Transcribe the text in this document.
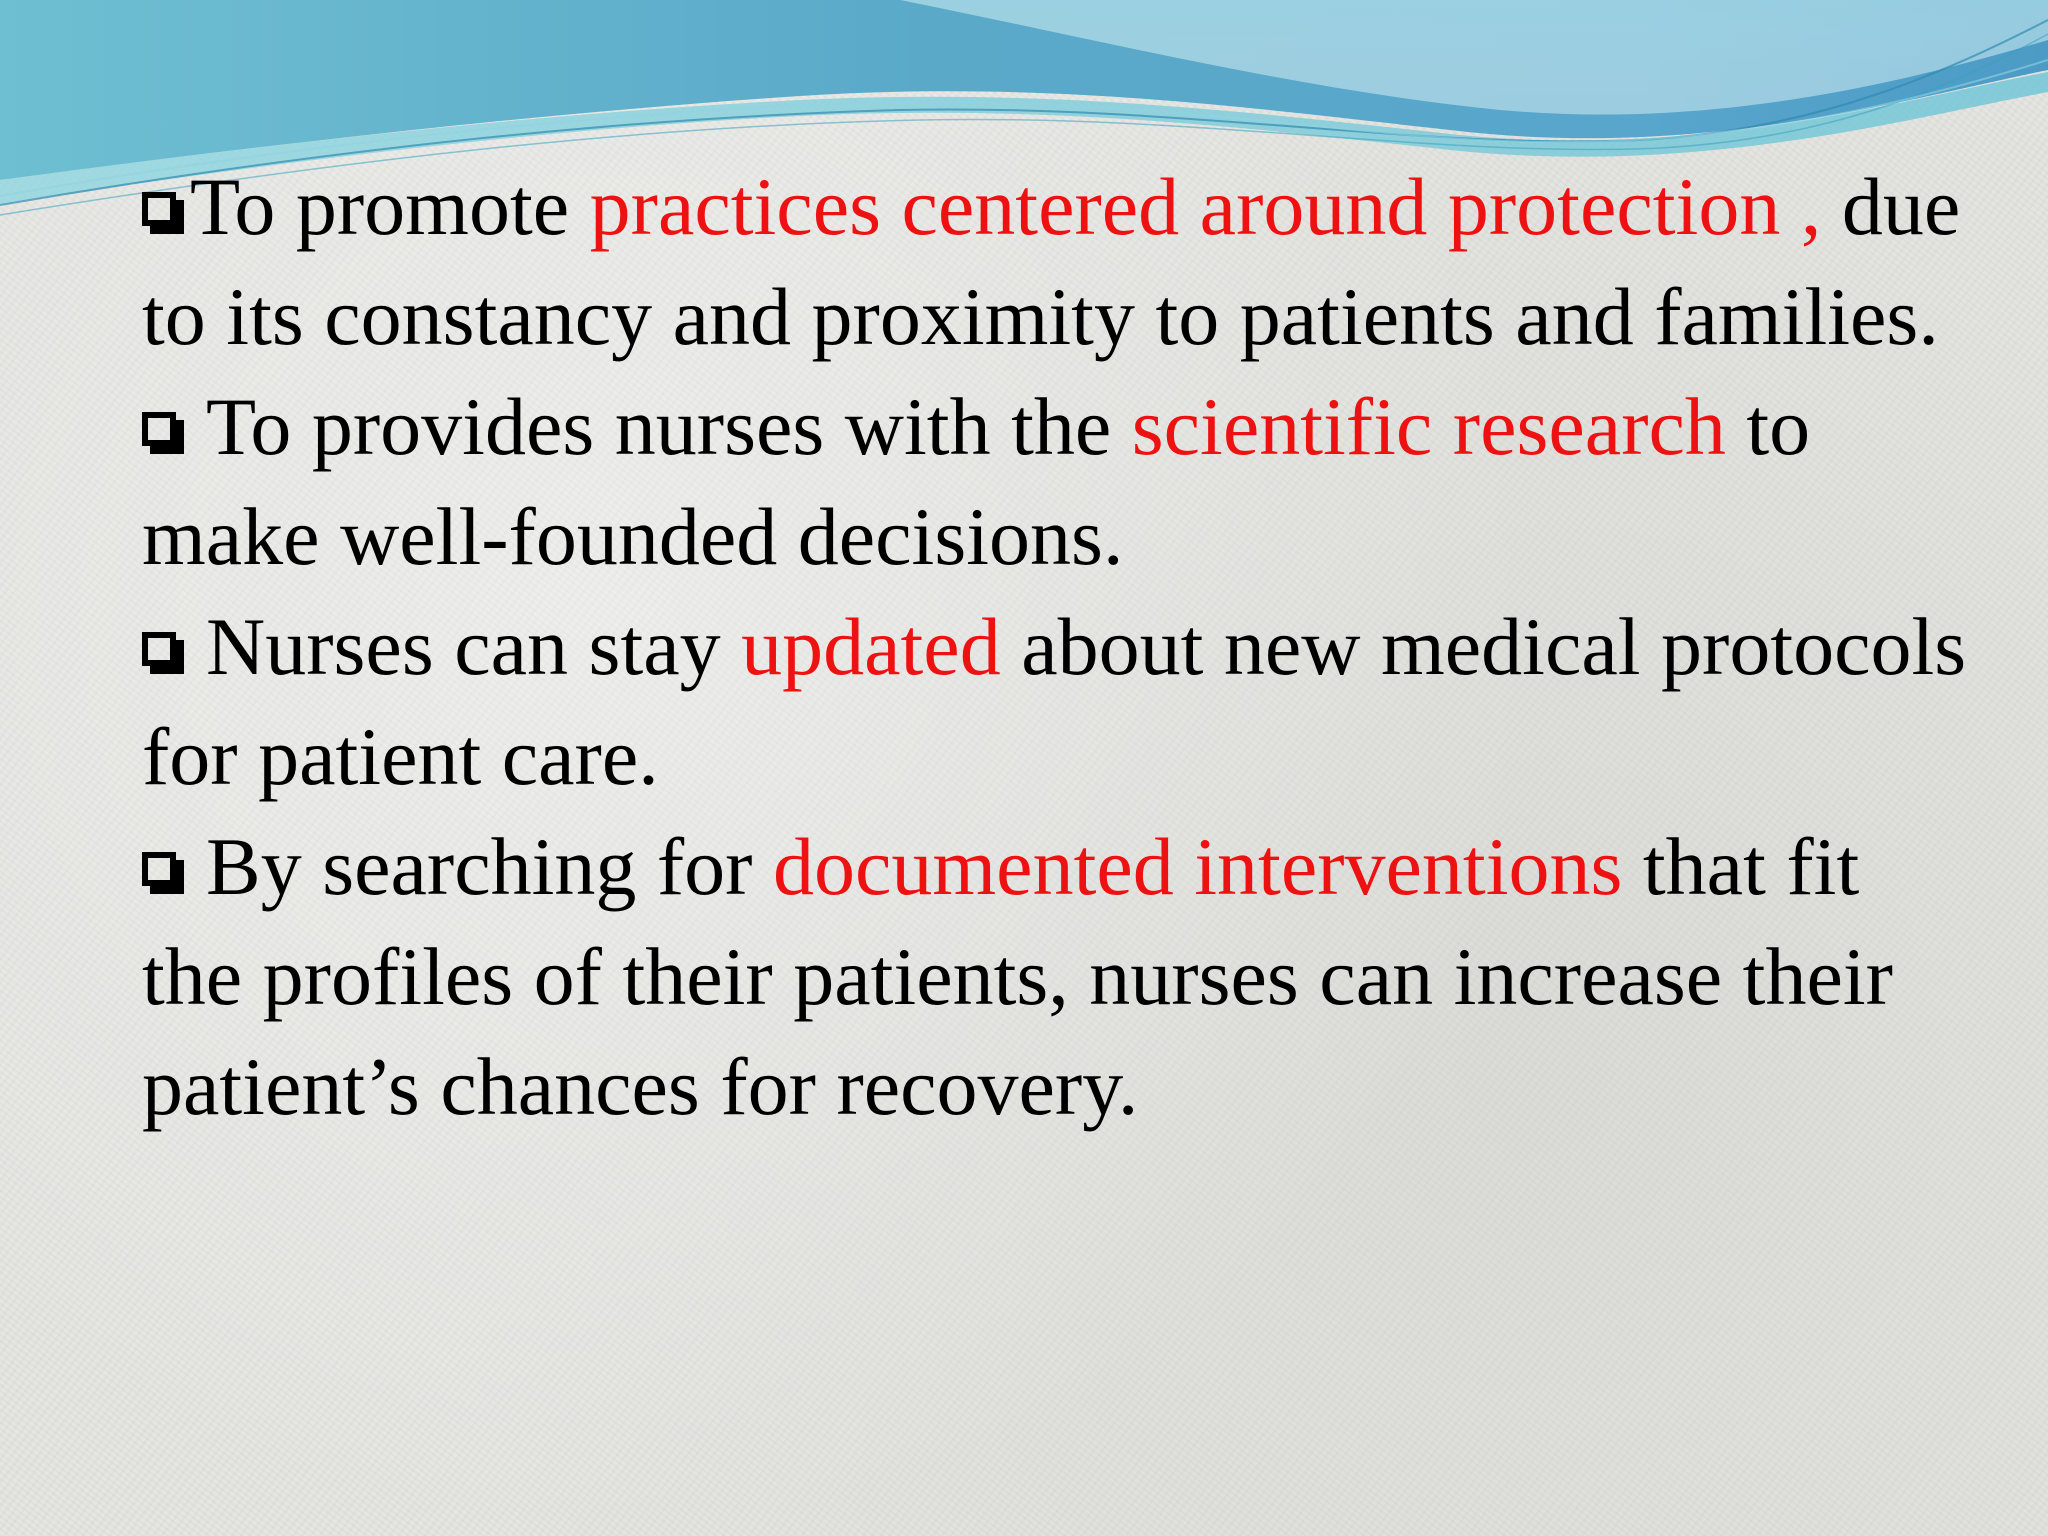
To promote practices centered around protection , due to its constancy and proximity to patients and families.

To provides nurses with the scientific research to make well-founded decisions.

Nurses can stay updated about new medical protocols for patient care.

By searching for documented interventions that fit the profiles of their patients, nurses can increase their patient’s chances for recovery.
